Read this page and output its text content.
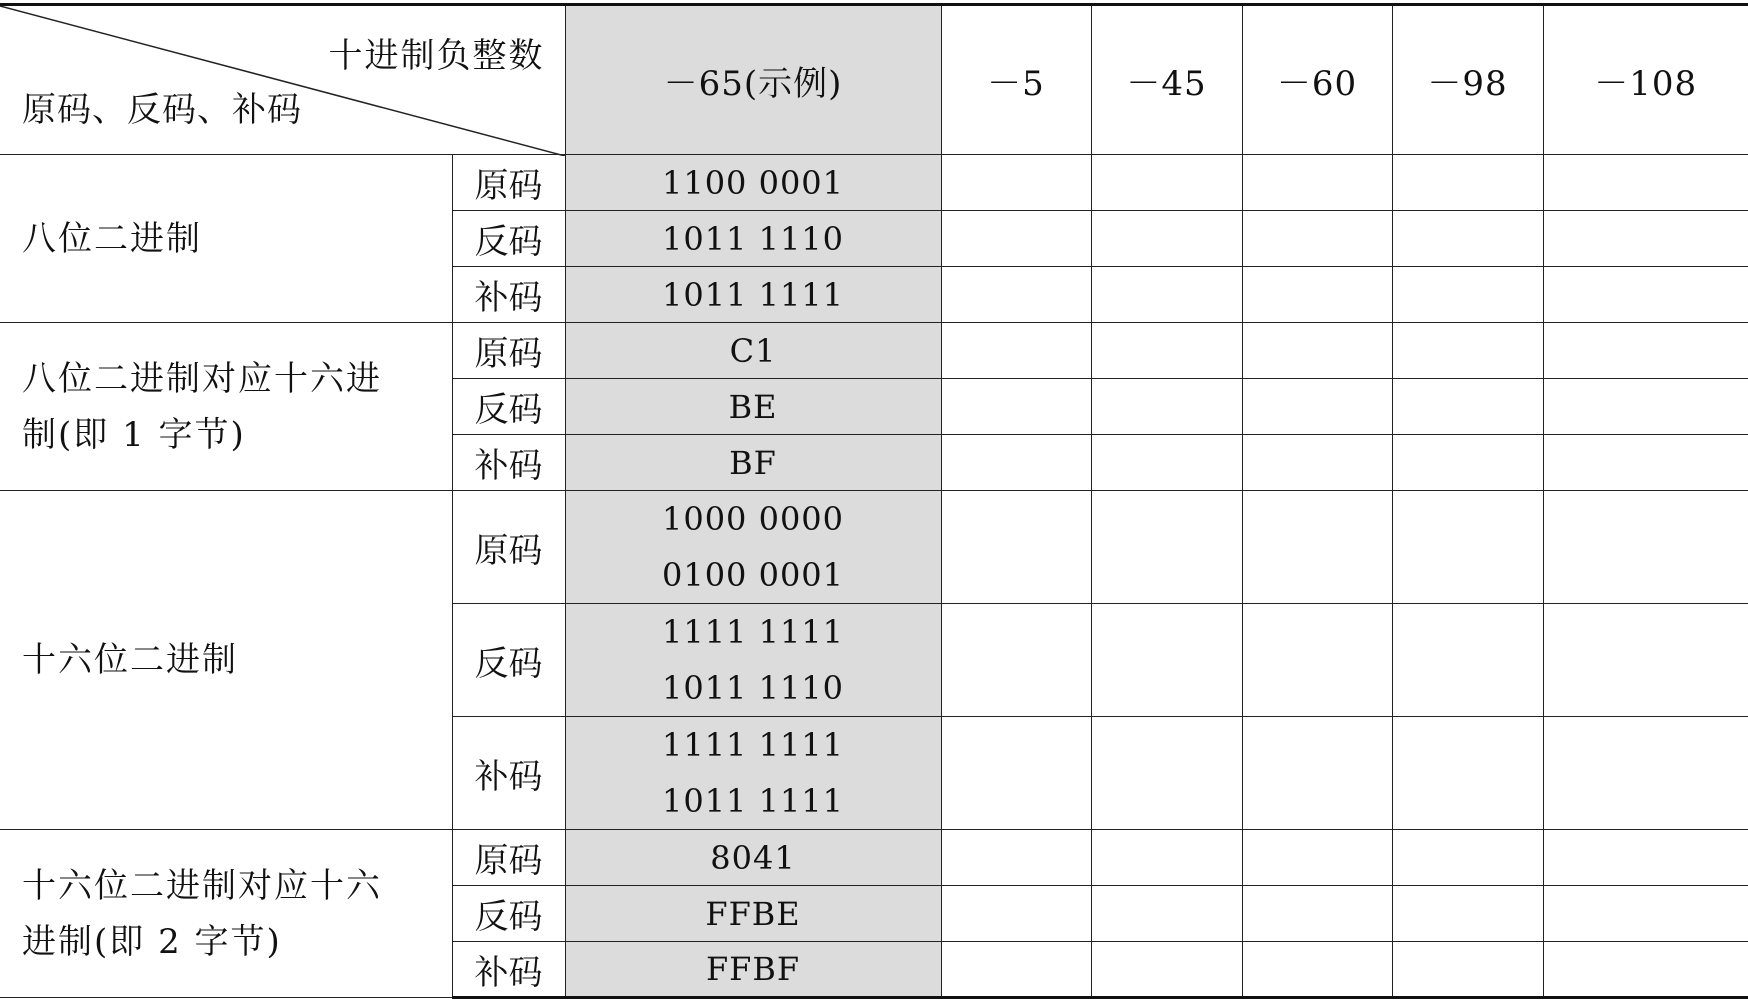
十进制负整数
原码、反码、补码		－65(示例)	－5	－45	－60	－98	－108
八位二进制	原码	1100 0001					
	反码	1011 1110					
	补码	1011 1111					
八位二进制对应十六进
制(即 1 字节)	原码	C1					
	反码	BE					
	补码	BF					
十六位二进制	原码	1000 0000
0100 0001					
	反码	1111 1111
1011 1110					
	补码	1111 1111
1011 1111					
十六位二进制对应十六
进制(即 2 字节)	原码	8041					
	反码	FFBE					
	补码	FFBF					
